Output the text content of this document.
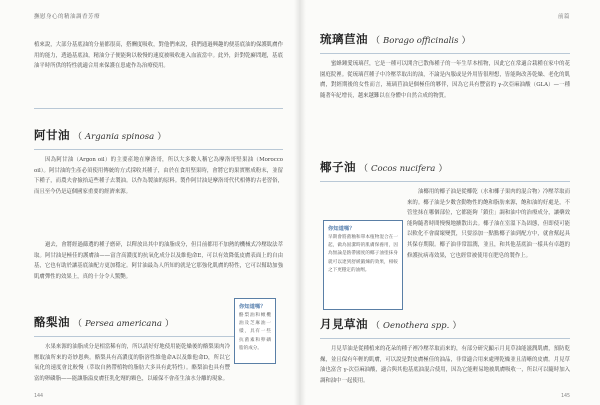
撫慰身心的精油調香芳療

植來說，大部分基底油的分量都很高，搭酬度吸收，對他們來說，我們通過興趣的便基底油的保護肌膚作用的能力，透過基底油，精油分子便能夠以較慢的速度被吸收進入血液當中。此外，針對乾癬問題，基底油平時所供的特性就適合用來保護在患處作為治療使用。

阿甘油 （ Argania spinosa ）

因為阿甘油（Argon oil）的主要產地在摩洛哥，所以大多數人稱它為摩洛哥堅果油（Morocco oil）。阿甘油的生產必須使用傳統的方式採收其種子，由於在食用堅果時，會將它的果實壓成粉末，並留下種子，而農夫會撿拾這些種子去製油。以作為製油的原料。製作阿甘油是摩洛哥代代相傳的古老習俗，而且至今仍是這個國家重要的經濟來源。

過去，會將經過篩選的種子磨碎，以釋放出其中的油脂成分，但目前都用不加熱的機械式冷壓取法萃取。阿甘油是極佳的護膚油——富含高濃度的抗氧化成分以及維他命E，可以有效降低皮膚表面上的自由基，它也有助於讓基底油配方更加穩定。阿甘油最為人所知的就是它那強化肌膚的特性，它可以幫助加強肌膚彈性的效果上，真的十分令人驚艷。

酪梨油 （ Persea americana ）

水果來源的油脂成分是相當稀有的，所以請好好地使用能乾燥後的酪梨果肉冷壓取油所來的奇妙恩典。酪梨具有高濃度的脂溶性維他命A以及維他命D，所以它氧化的速度會比較慢（萃取自熱帶植物的脂肪大多具有此特性）。酪梨油也具有豐富的卵磷脂——能讓脂溢皮膚狂乳化劑的顆色，以確保不會產生油水分離的現象。

144
你知道嗎？
酪梨油和橄欖油及芝麻油一樣，具有一些抗菌素和卵磷脂的成分。
前篇
琉璃苣油 （ Borago officinalis ）

蜜蜂鍾愛琉璃苣，它是一種可以開含已散佈種子的一年生草本植物，因此它在常適合栽種在家中的花園庭院裡。從琉璃苣種子中冷壓萃取出的油，不論是內服或是外用皆很理想，皆能夠改善乾燥、老化的肌膚，對經期後的女性而言，琉璃苣油是個極佳的夥伴，因為它具有豐富的 γ-次亞麻油酸（GLA）—一種隨著年紀增長，越來越難以在身體中自然合成的物質。

椰子油 （ Cocos nucifera ）

油椰用的椰子油是從椰乾（水和椰子果肉的混合物）冷壓萃取而來的。椰子油是少數含動物性的飽和脂肪來源，飽和油的好處是，不管塗抹在哪個部位，它都能夠「鎖住」調和油中的治療成分，讓藥效能夠隨著時間慢慢地擴散出去。椰子油在室溫下為固態，但即使可能以軟化不會腐壞變質，只要添加一點點椰子油到配方中，就會幫起具其保存期限。椰子油非常溫潤，並且，和其他基底油一樣具有卓越的修護抗病毒效果，它也經常被使用在肥皂的製作上。

月見草油 （ Oenothera spp. ）

月見草油是從種植來的花朵的種子裡冷壓萃取而來的，有部分研究顯示月見草油能滋潤肌膚，預防乾燥，並且保有年輕的肌膚，可以說是對皮膚極佳的油品，非常適合用來處理乾燥並且清晰的皮膚。月見草油也富含 γ-次亞麻油酸，適合與其他基底油混合使用，因為它能輕易地被肌膚吸收一，所以可以隨時加入調和油中一起使用。

145
你知道嗎？
早期會將菌釉和單本植物混合在一起，做為固潔時的肌膚保養用，因為無論是熱帶國度的椰子油塗抹身就可以達到舒緩鍛煉的效果，相較之下更穩定的油劑。
